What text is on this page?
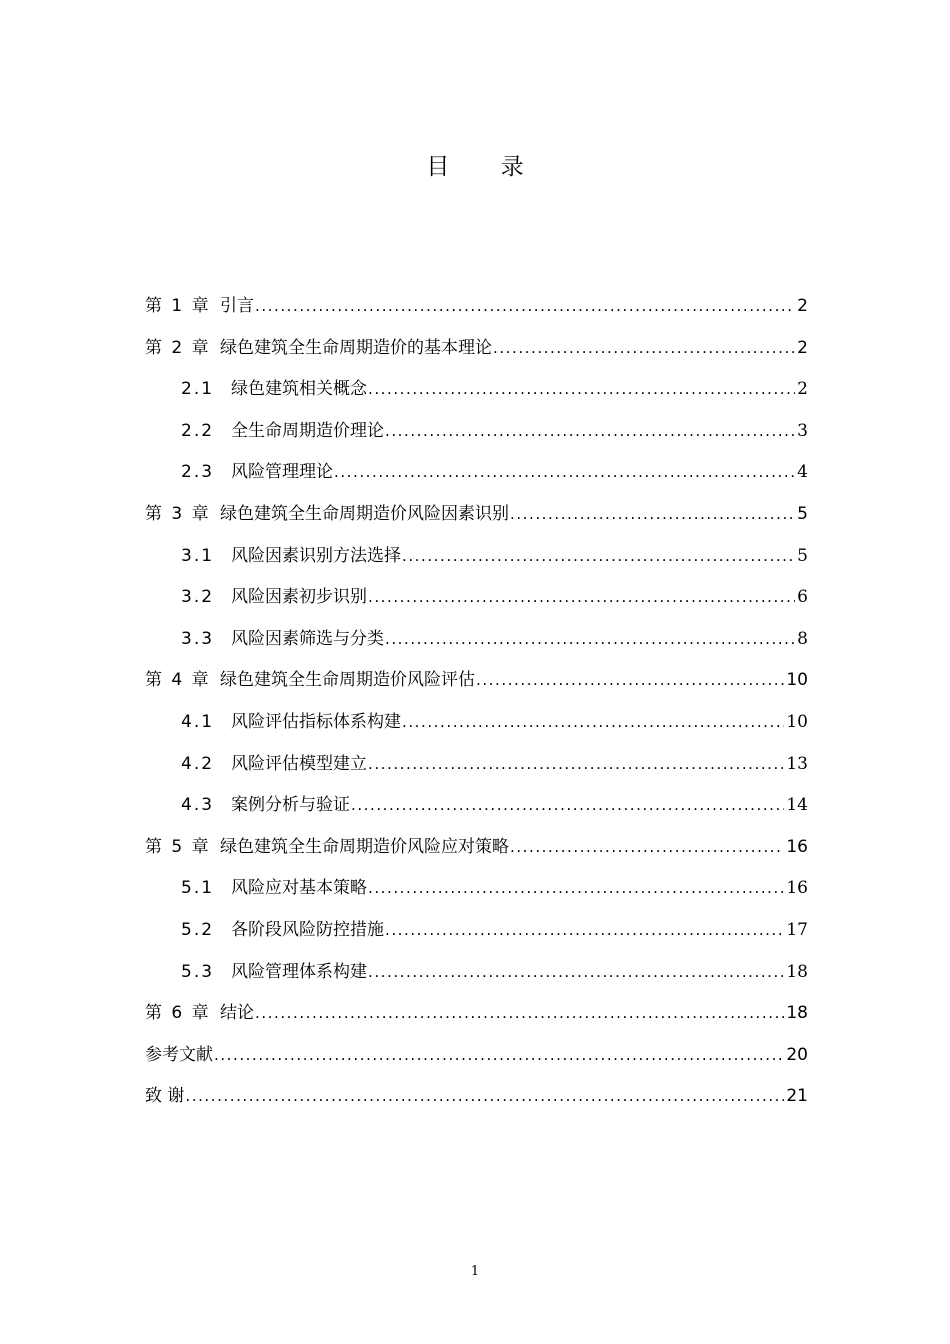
目 录
第 1 章 引言 . . .	2
第 2 章 绿色建筑全生命周期造价的基本理论 . . .	2
2.1 绿色建筑相关概念 . . .	2
2.2 全生命周期造价理论 . . .	3
2.3 风险管理理论 . . .	4
第 3 章 绿色建筑全生命周期造价风险因素识别 . . .	5
3.1 风险因素识别方法选择 . . .	5
3.2 风险因素初步识别 . . .	6
3.3 风险因素筛选与分类 . . .	8
第 4 章 绿色建筑全生命周期造价风险评估 . . .	10
4.1 风险评估指标体系构建 . . .	10
4.2 风险评估模型建立 . . .	13
4.3 案例分析与验证 . . .	14
第 5 章 绿色建筑全生命周期造价风险应对策略 . . .	16
5.1 风险应对基本策略 . . .	16
5.2 各阶段风险防控措施 . . .	17
5.3 风险管理体系构建 . . .	18
第 6 章 结论 . . .	18
参考文献 . . .	20
致 谢 . . .	21
1
